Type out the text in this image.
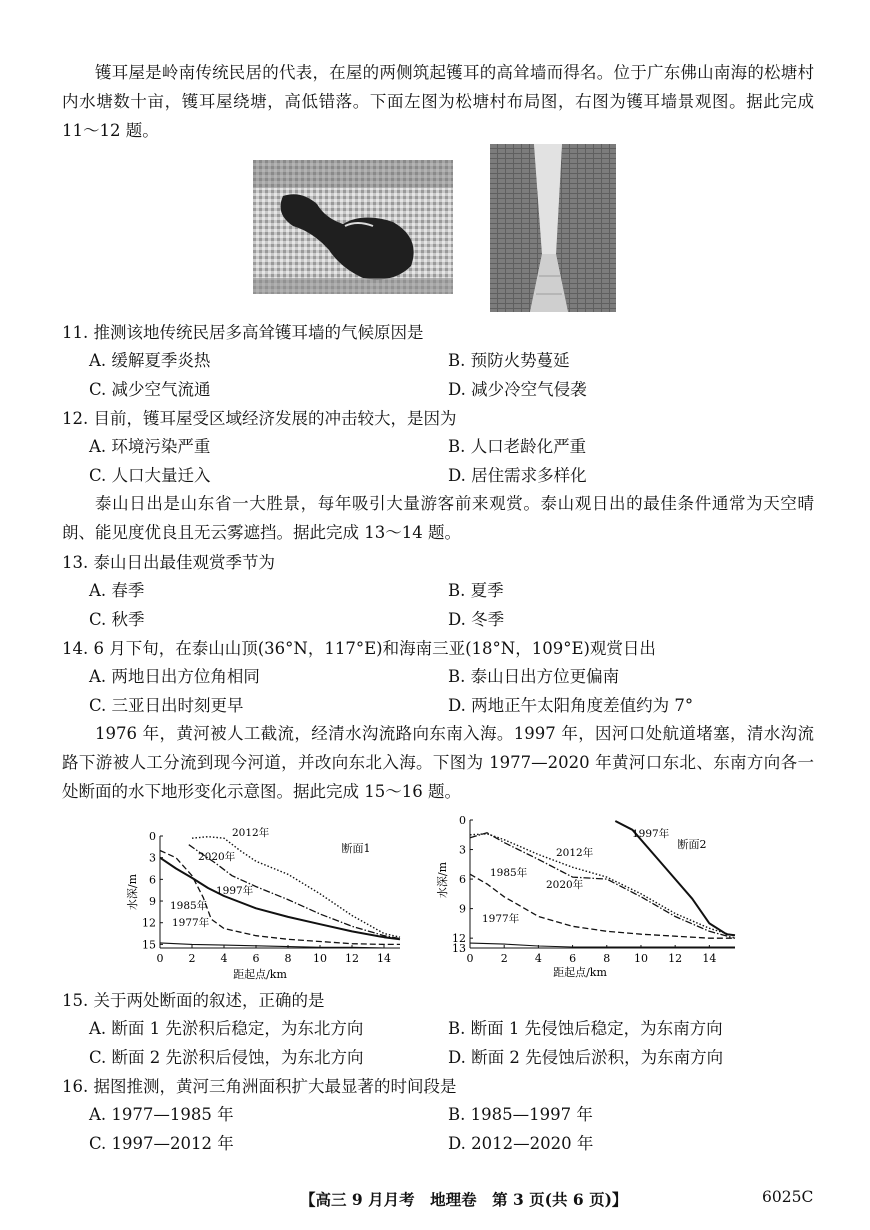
镬耳屋是岭南传统民居的代表，在屋的两侧筑起镬耳的高耸墙而得名。位于广东佛山南海的松塘村内水塘数十亩，镬耳屋绕塘，高低错落。下面左图为松塘村布局图，右图为镬耳墙景观图。据此完成 11～12 题。
11. 推测该地传统民居多高耸镬耳墙的气候原因是
A. 缓解夏季炎热	B. 预防火势蔓延
C. 减少空气流通	D. 减少冷空气侵袭
12. 目前，镬耳屋受区域经济发展的冲击较大，是因为
A. 环境污染严重	B. 人口老龄化严重
C. 人口大量迁入	D. 居住需求多样化
泰山日出是山东省一大胜景，每年吸引大量游客前来观赏。泰山观日出的最佳条件通常为天空晴朗、能见度优良且无云雾遮挡。据此完成 13～14 题。
13. 泰山日出最佳观赏季节为
A. 春季	B. 夏季
C. 秋季	D. 冬季
14. 6 月下旬，在泰山山顶(36°N，117°E)和海南三亚(18°N，109°E)观赏日出
A. 两地日出方位角相同	B. 泰山日出方位更偏南
C. 三亚日出时刻更早	D. 两地正午太阳角度差值约为 7°
1976 年，黄河被人工截流，经清水沟流路向东南入海。1997 年，因河口处航道堵塞，清水沟流路下游被人工分流到现今河道，并改向东北入海。下图为 1977—2020 年黄河口东北、东南方向各一处断面的水下地形变化示意图。据此完成 15～16 题。
0 2 4 6 8 10 12 14
0
3
6
9
12
15
水深/m
距起点/km
断面1
1977年
1985年
1997年
2012年
2020年
0 2 4 6 8 10 12 14
0
3
6
9
12
13
水深/m
距起点/km
断面2
1977年
1985年
1997年
2012年
2020年
15. 关于两处断面的叙述，正确的是
A. 断面 1 先淤积后稳定，为东北方向	B. 断面 1 先侵蚀后稳定，为东南方向
C. 断面 2 先淤积后侵蚀，为东北方向	D. 断面 2 先侵蚀后淤积，为东南方向
16. 据图推测，黄河三角洲面积扩大最显著的时间段是
A. 1977—1985 年	B. 1985—1997 年
C. 1997—2012 年	D. 2012—2020 年
【高三 9 月月考　地理卷　第 3 页(共 6 页)】	6025C
